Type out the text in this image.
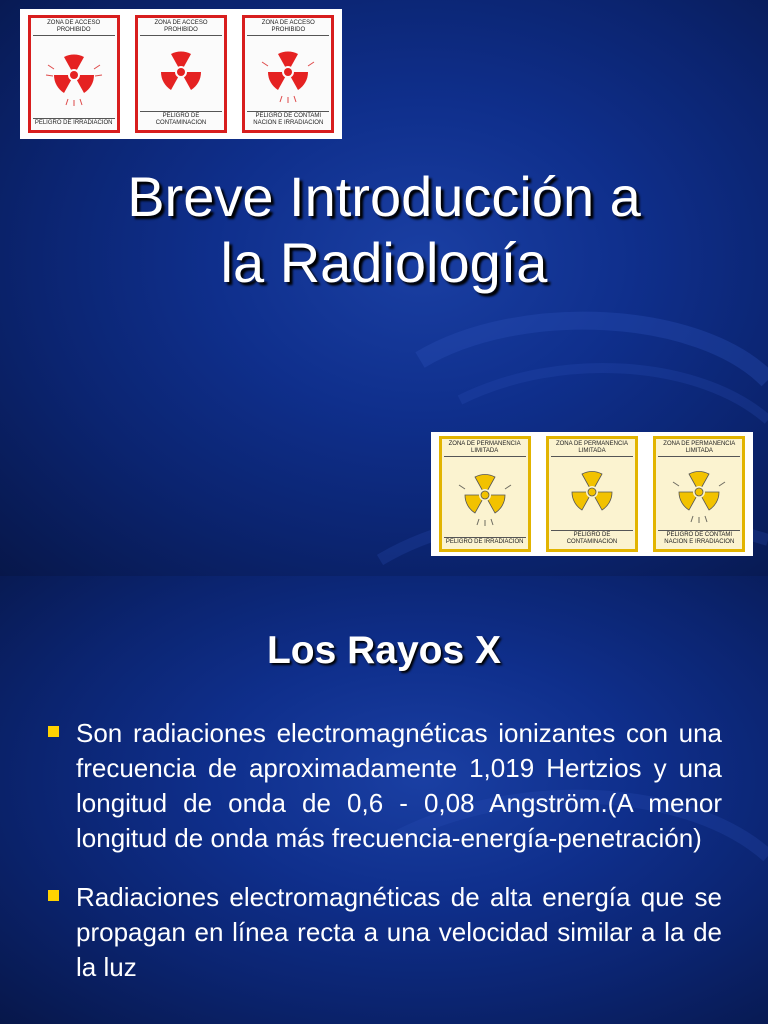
ZONA DE ACCESO PROHIBIDO
PELIGRO DE IRRADIACION
ZONA DE ACCESO PROHIBIDO
PELIGRO DE CONTAMINACION
ZONA DE ACCESO PROHIBIDO
PELIGRO DE CONTAMI NACION E IRRADIACION
Breve Introducción a
la Radiología
ZONA DE PERMANENCIA LIMITADA
PELIGRO DE IRRADIACION
ZONA DE PERMANENCIA LIMITADA
PELIGRO DE CONTAMINACION
ZONA DE PERMANENCIA LIMITADA
PELIGRO DE CONTAMI NACION E IRRADIACION
Los Rayos X
Son radiaciones electromagnéticas ionizantes con una frecuencia de aproximadamente 1,019 Hertzios y una longitud de onda de 0,6 - 0,08 Angström.(A menor longitud de onda más frecuencia-energía-penetración)
Radiaciones electromagnéticas de alta energía que se propagan en línea recta a una velocidad similar a la de la luz
